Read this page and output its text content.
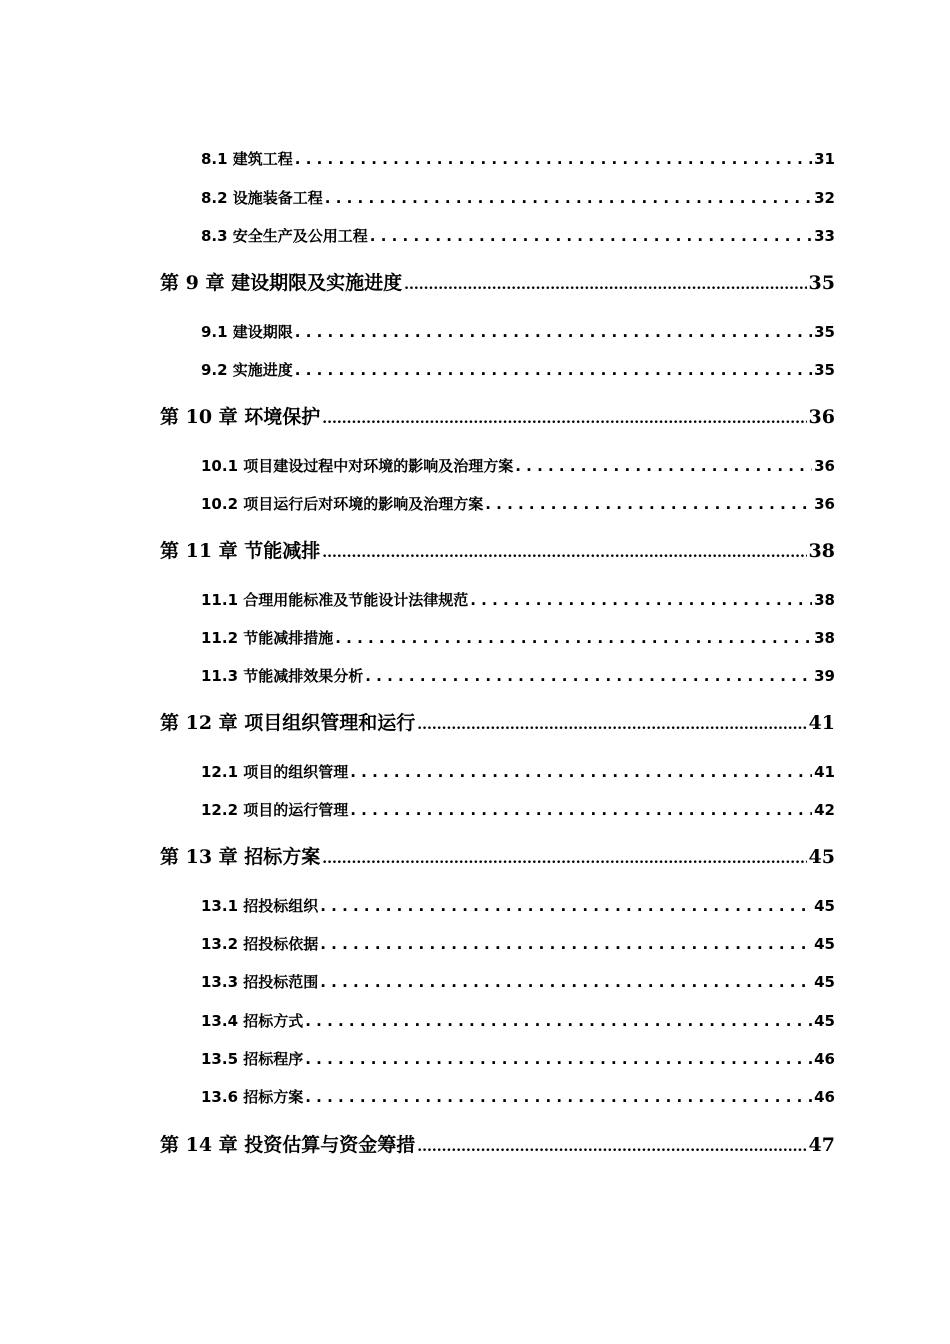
8.1 建筑工程 . . .	31
8.2 设施装备工程 . . .	32
8.3 安全生产及公用工程 . . .	33
第 9 章 建设期限及实施进度 .....	35
9.1 建设期限 . . .	35
9.2 实施进度 . . .	35
第 10 章 环境保护 .....	36
10.1 项目建设过程中对环境的影响及治理方案 . . .	36
10.2 项目运行后对环境的影响及治理方案 . . .	36
第 11 章 节能减排 .....	38
11.1 合理用能标准及节能设计法律规范 . . .	38
11.2 节能减排措施 . . .	38
11.3 节能减排效果分析 . . .	39
第 12 章 项目组织管理和运行 .....	41
12.1 项目的组织管理 . . .	41
12.2 项目的运行管理 . . .	42
第 13 章 招标方案 .....	45
13.1 招投标组织 . . .	45
13.2 招投标依据 . . .	45
13.3 招投标范围 . . .	45
13.4 招标方式 . . .	45
13.5 招标程序 . . .	46
13.6 招标方案 . . .	46
第 14 章 投资估算与资金筹措 .....	47
